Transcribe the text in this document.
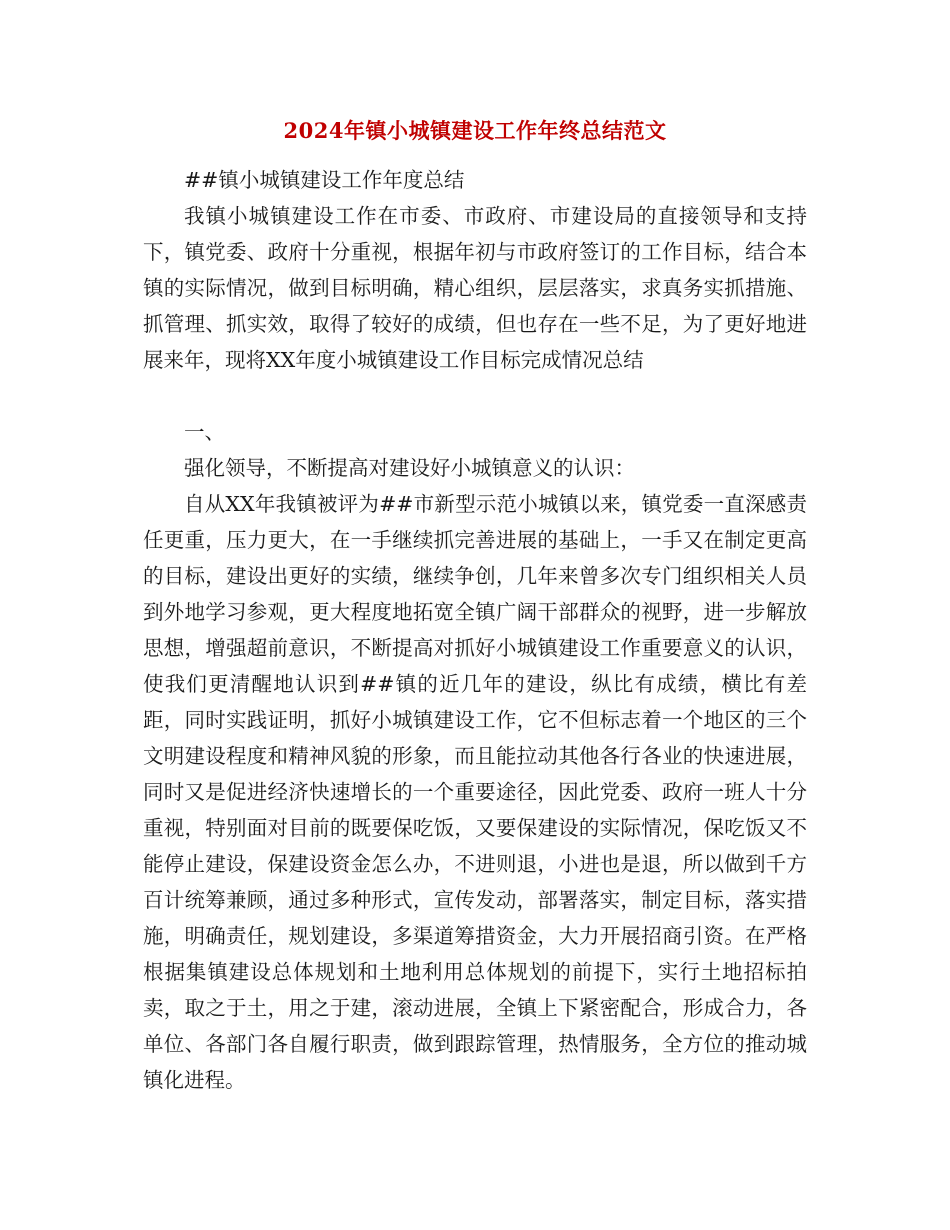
2024年镇小城镇建设工作年终总结范文

##镇小城镇建设工作年度总结

我镇小城镇建设工作在市委、市政府、市建设局的直接领导和支持下，镇党委、政府十分重视，根据年初与市政府签订的工作目标，结合本镇的实际情况，做到目标明确，精心组织，层层落实，求真务实抓措施、抓管理、抓实效，取得了较好的成绩，但也存在一些不足，为了更好地进展来年，现将XX年度小城镇建设工作目标完成情况总结

一、

强化领导，不断提高对建设好小城镇意义的认识：

自从XX年我镇被评为##市新型示范小城镇以来，镇党委一直深感责任更重，压力更大，在一手继续抓完善进展的基础上，一手又在制定更高的目标，建设出更好的实绩，继续争创，几年来曾多次专门组织相关人员到外地学习参观，更大程度地拓宽全镇广阔干部群众的视野，进一步解放思想，增强超前意识，不断提高对抓好小城镇建设工作重要意义的认识，使我们更清醒地认识到##镇的近几年的建设，纵比有成绩，横比有差距，同时实践证明，抓好小城镇建设工作，它不但标志着一个地区的三个文明建设程度和精神风貌的形象，而且能拉动其他各行各业的快速进展，同时又是促进经济快速增长的一个重要途径，因此党委、政府一班人十分重视，特别面对目前的既要保吃饭，又要保建设的实际情况，保吃饭又不能停止建设，保建设资金怎么办，不进则退，小进也是退，所以做到千方百计统筹兼顾，通过多种形式，宣传发动，部署落实，制定目标，落实措施，明确责任，规划建设，多渠道筹措资金，大力开展招商引资。在严格根据集镇建设总体规划和土地利用总体规划的前提下，实行土地招标拍卖，取之于土，用之于建，滚动进展，全镇上下紧密配合，形成合力，各单位、各部门各自履行职责，做到跟踪管理，热情服务，全方位的推动城镇化进程。
